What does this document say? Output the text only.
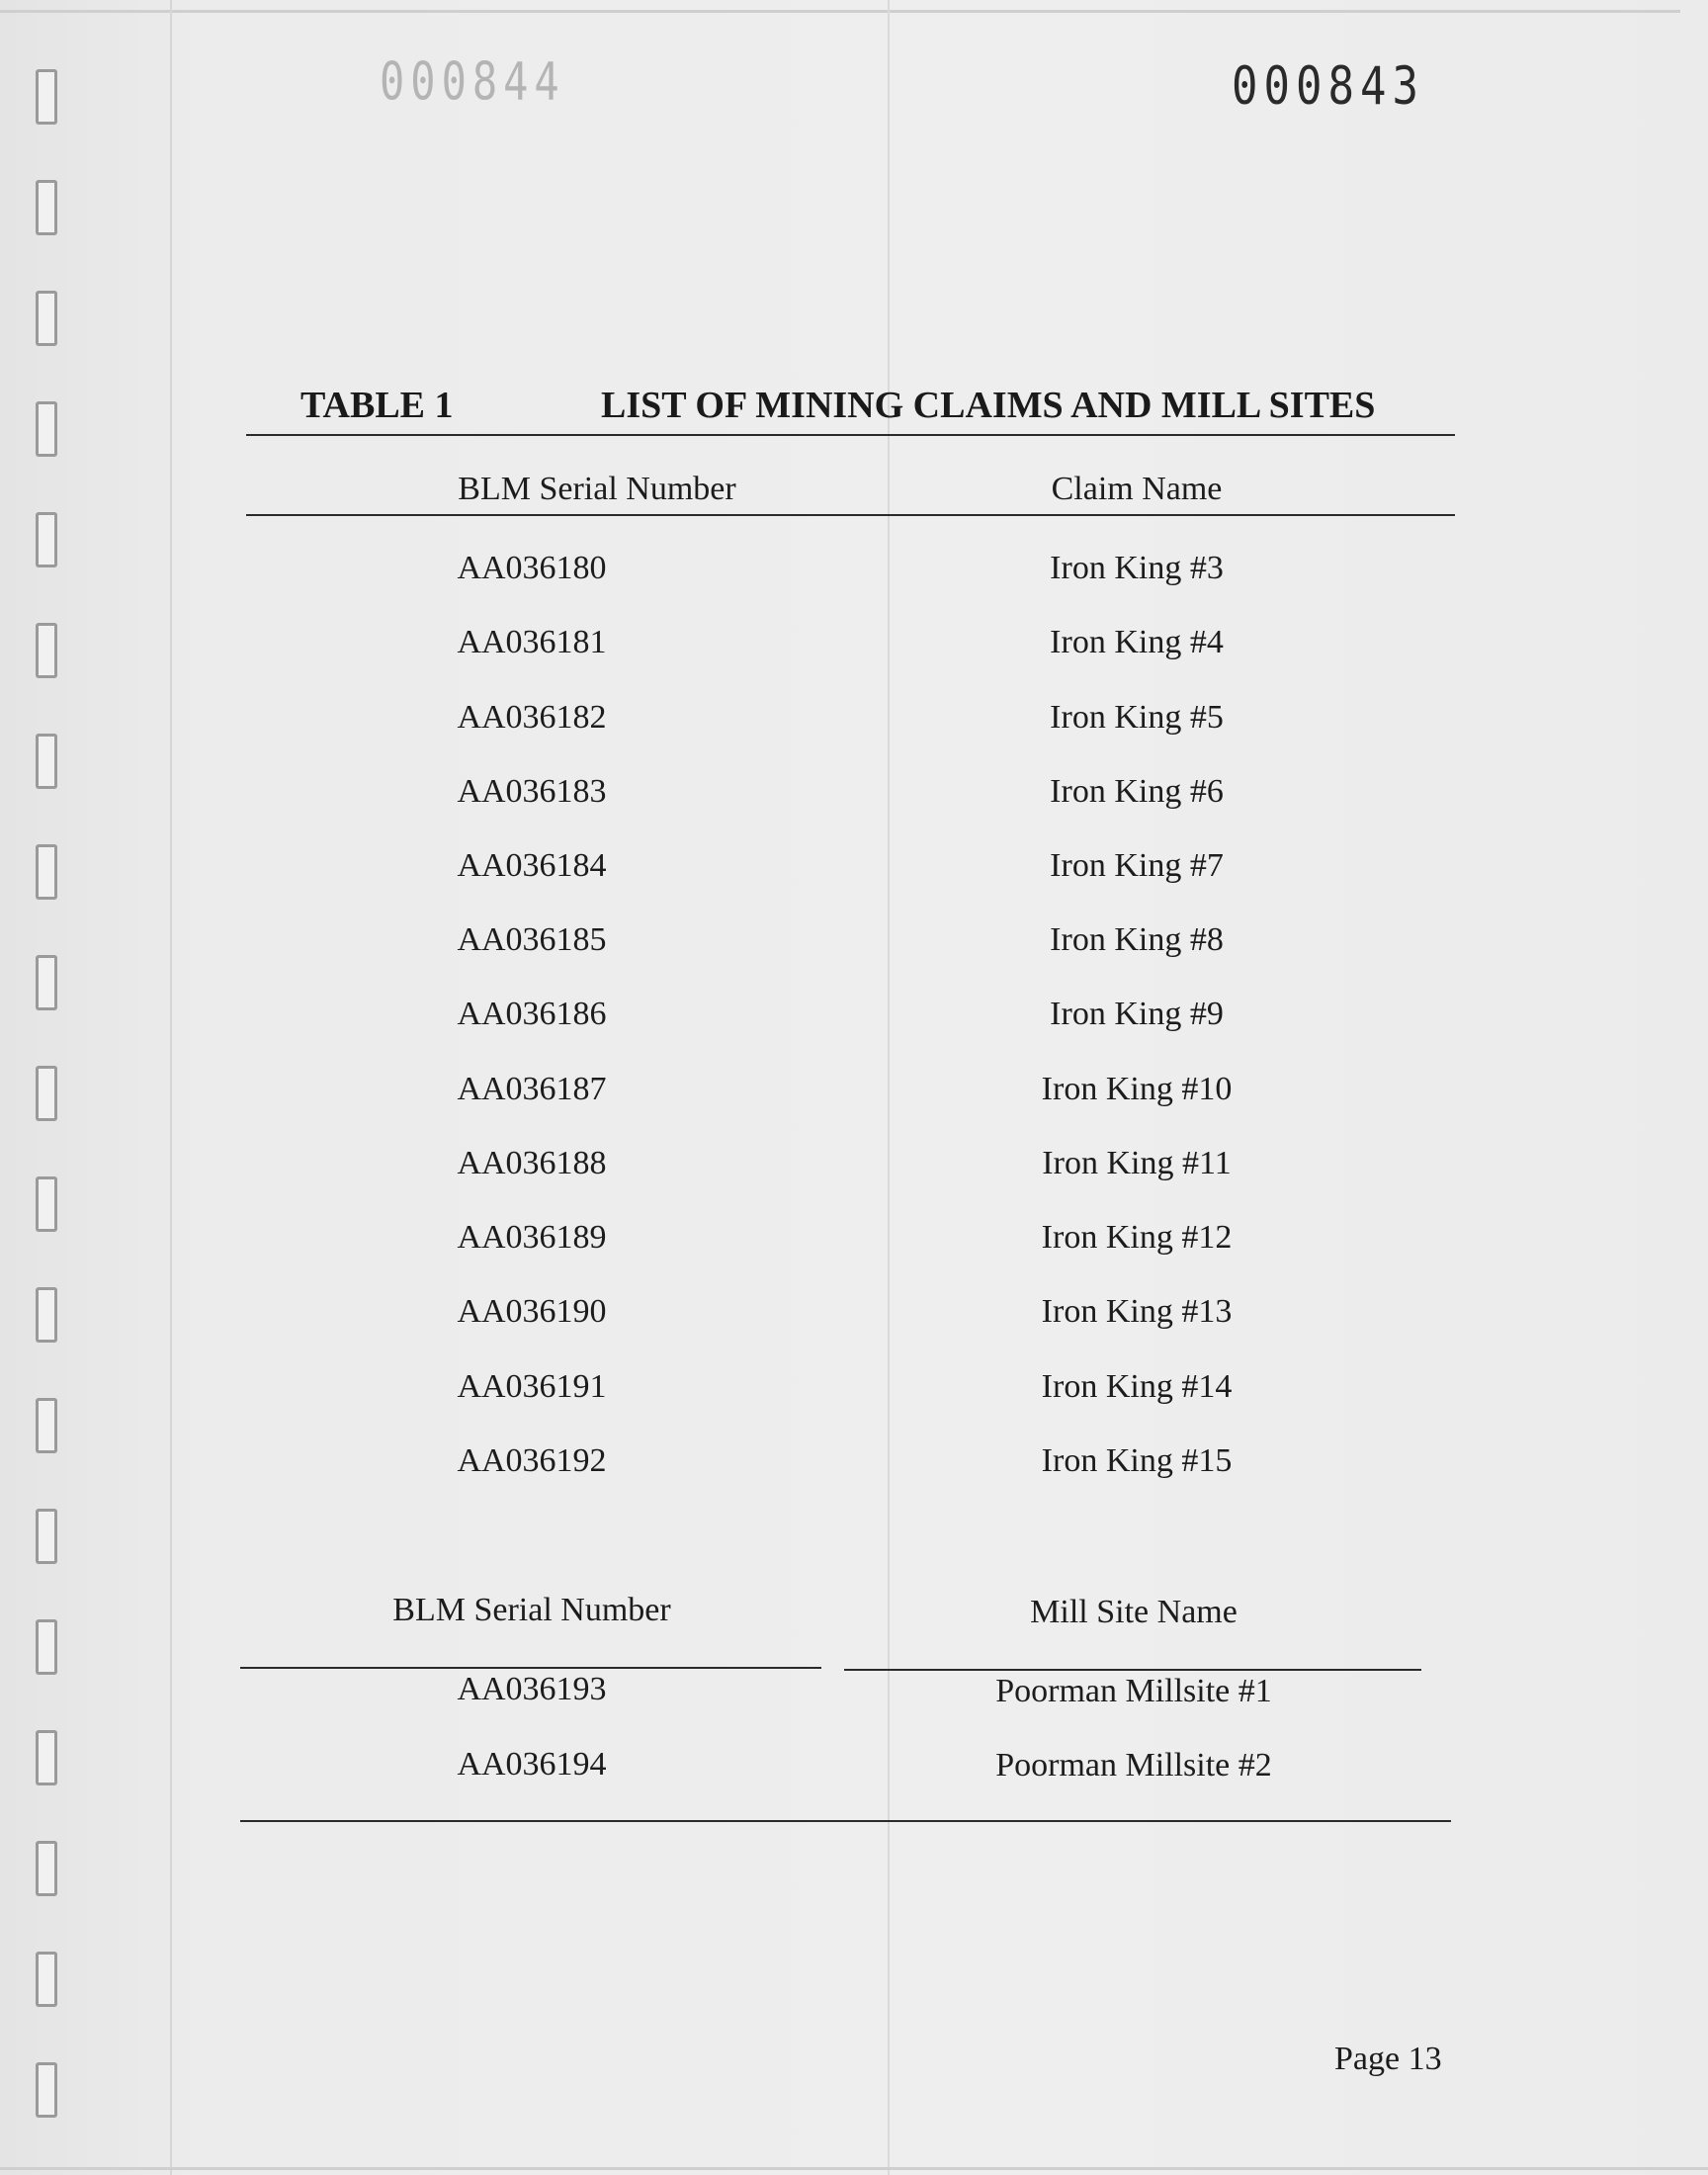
000844	000843
TABLE 1	LIST OF MINING CLAIMS AND MILL SITES
BLM Serial Number	Claim Name
AA036180	Iron King #3
AA036181	Iron King #4
AA036182	Iron King #5
AA036183	Iron King #6
AA036184	Iron King #7
AA036185	Iron King #8
AA036186	Iron King #9
AA036187	Iron King #10
AA036188	Iron King #11
AA036189	Iron King #12
AA036190	Iron King #13
AA036191	Iron King #14
AA036192	Iron King #15
BLM Serial Number	Mill Site Name
AA036193	Poorman Millsite #1
AA036194	Poorman Millsite #2
Page 13
